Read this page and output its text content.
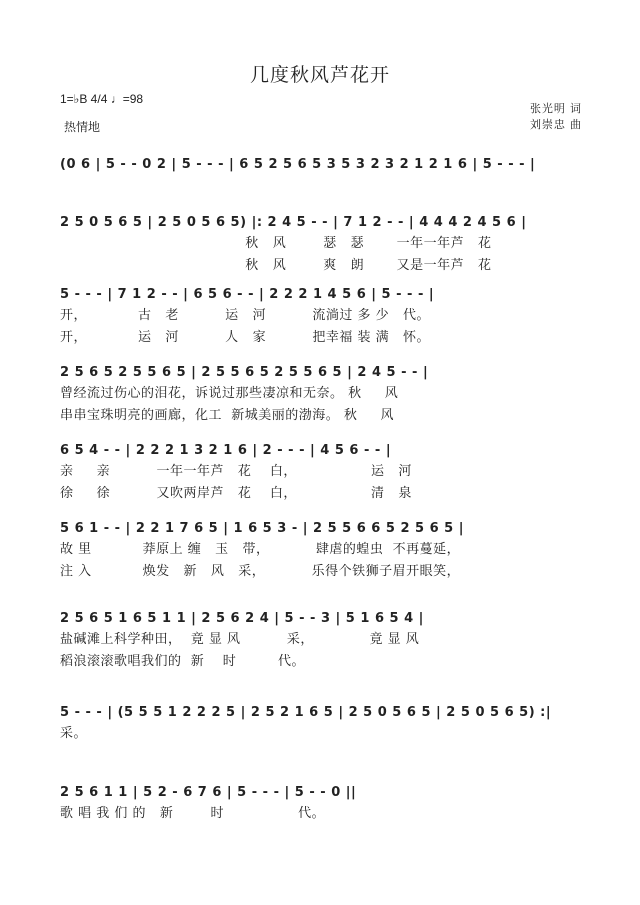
几度秋风芦花开
1=♭B 4/4 ♩=98
热情地
张光明 词
刘崇忠 曲
(0 6 | 5 - - 0 2 | 5 - - - | 6 5 2 5 6 5 3 5 3 2 3 2 1 2 1 6 | 5 - - - |
2 5 0 5 6 5 | 2 5 0 5 6 5) |: 2 4 5 - - | 7 1 2 - - | 4 4 4 2 4 5 6 |
秋   风        瑟   瑟       一年一年芦   花
秋   风        爽   朗       又是一年芦   花
5 - - - | 7 1 2 - - | 6 5 6 - - | 2 2 2 1 4 5 6 | 5 - - - |
开，           古   老          运   河          流淌过 多 少   代。
开，           运   河          人   家          把幸福 装 满   怀。
2 5 6 5 2 5 5 6 5 | 2 5 5 6 5 2 5 5 6 5 | 2 4 5 - - |
曾经流过伤心的泪花，诉说过那些凄凉和无奈。 秋     风
串串宝珠明亮的画廊，化工  新城美丽的渤海。 秋     风
6 5 4 - - | 2 2 2 1 3 2 1 6 | 2 - - - | 4 5 6 - - |
亲     亲          一年一年芦   花    白，                运   河
徐     徐          又吹两岸芦   花    白，                清   泉
5 6 1 - - | 2 2 1 7 6 5 | 1 6 5 3 - | 2 5 5 6 6 5 2 5 6 5 |
故 里           莽原上 缠   玉   带，          肆虐的蝗虫  不再蔓延，
注 入           焕发   新   风   采，          乐得个铁狮子眉开眼笑，
2 5 6 5 1 6 5 1 1 | 2 5 6 2 4 | 5 - - 3 | 5 1 6 5 4 |
盐碱滩上科学种田，  竟 显 风          采，            竟 显 风
稻浪滚滚歌唱我们的  新    时         代。
5 - - - | (5 5 5 1 2 2 2 5 | 2 5 2 1 6 5 | 2 5 0 5 6 5 | 2 5 0 5 6 5) :|
采。
2 5 6 1 1 | 5 2 - 6 7 6 | 5 - - - | 5 - - 0 ||
歌 唱 我 们 的   新        时                代。
